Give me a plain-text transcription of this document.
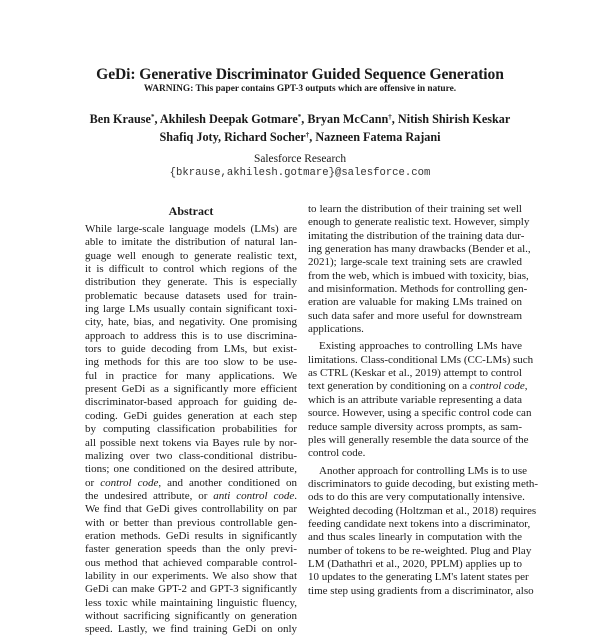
GeDi: Generative Discriminator Guided Sequence Generation
WARNING: This paper contains GPT-3 outputs which are offensive in nature.
Ben Krause*, Akhilesh Deepak Gotmare*, Bryan McCann†, Nitish Shirish Keskar
Shafiq Joty, Richard Socher†, Nazneen Fatema Rajani
Salesforce Research
{bkrause,akhilesh.gotmare}@salesforce.com
Abstract
While large-scale language models (LMs) are
able to imitate the distribution of natural lan-
guage well enough to generate realistic text,
it is difficult to control which regions of the
distribution they generate. This is especially
problematic because datasets used for train-
ing large LMs usually contain significant toxi-
city, hate, bias, and negativity. One promising
approach to address this is to use discrimina-
tors to guide decoding from LMs, but exist-
ing methods for this are too slow to be use-
ful in practice for many applications. We
present GeDi as a significantly more efficient
discriminator-based approach for guiding de-
coding. GeDi guides generation at each step
by computing classification probabilities for
all possible next tokens via Bayes rule by nor-
malizing over two class-conditional distribu-
tions; one conditioned on the desired attribute,
or control code, and another conditioned on
the undesired attribute, or anti control code.
We find that GeDi gives controllability on par
with or better than previous controllable gen-
eration methods. GeDi results in significantly
faster generation speeds than the only previ-
ous method that achieved comparable control-
lability in our experiments. We also show that
GeDi can make GPT-2 and GPT-3 significantly
less toxic while maintaining linguistic fluency,
without sacrificing significantly on generation
speed. Lastly, we find training GeDi on only
to learn the distribution of their training set well
enough to generate realistic text. However, simply
imitating the distribution of the training data dur-
ing generation has many drawbacks (Bender et al.,
2021); large-scale text training sets are crawled
from the web, which is imbued with toxicity, bias,
and misinformation. Methods for controlling gen-
eration are valuable for making LMs trained on
such data safer and more useful for downstream
applications.
Existing approaches to controlling LMs have
limitations. Class-conditional LMs (CC-LMs) such
as CTRL (Keskar et al., 2019) attempt to control
text generation by conditioning on a control code,
which is an attribute variable representing a data
source. However, using a specific control code can
reduce sample diversity across prompts, as sam-
ples will generally resemble the data source of the
control code.
Another approach for controlling LMs is to use
discriminators to guide decoding, but existing meth-
ods to do this are very computationally intensive.
Weighted decoding (Holtzman et al., 2018) requires
feeding candidate next tokens into a discriminator,
and thus scales linearly in computation with the
number of tokens to be re-weighted. Plug and Play
LM (Dathathri et al., 2020, PPLM) applies up to
10 updates to the generating LM's latent states per
time step using gradients from a discriminator, also
